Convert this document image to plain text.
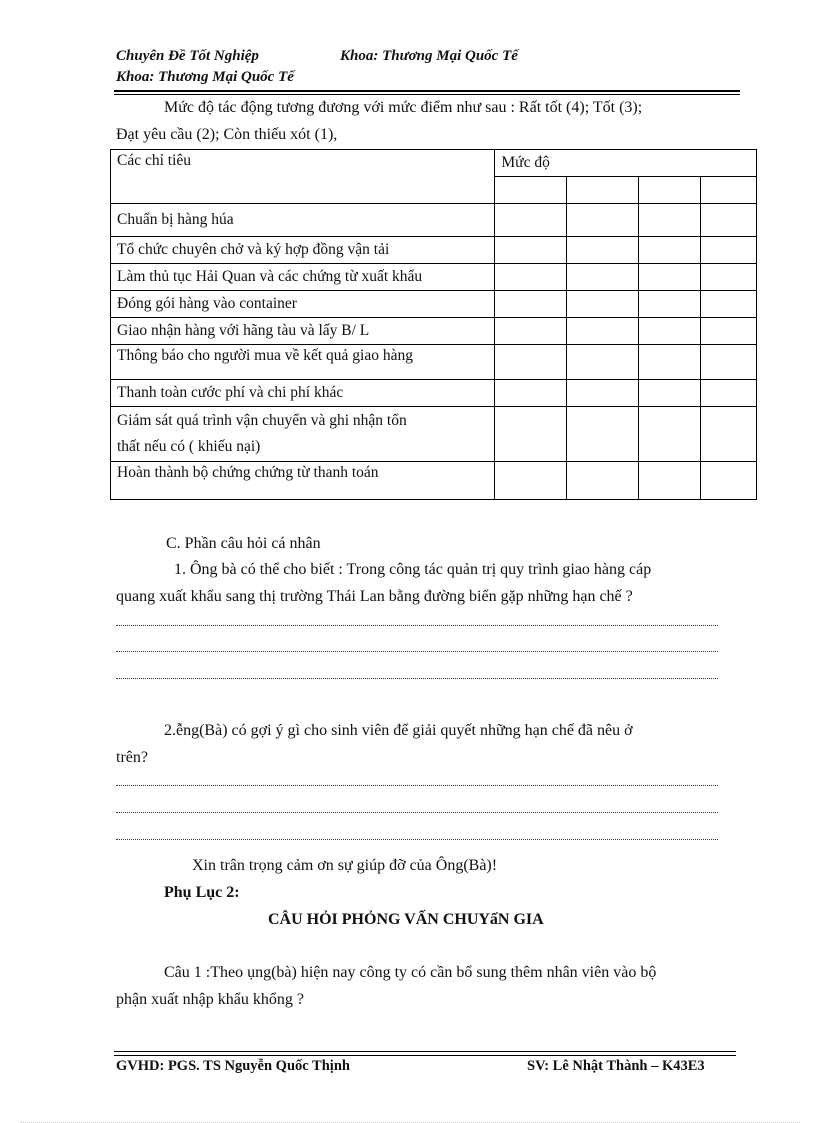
Chuyên Đề Tốt Nghiệp	Khoa: Thương Mại Quốc Tế
Khoa: Thương Mại Quốc Tế
Mức độ tác động tương đương với mức điểm như sau : Rất tốt (4); Tốt (3);
Đạt yêu cầu (2); Còn thiếu xót (1),
Các chỉ tiêu	Mức độ			

Chuẩn bị hàng húa				
Tổ chức chuyên chở và ký hợp đồng vận tải				
Làm thủ tục Hải Quan và các chứng từ xuất khẩu				
Đóng gói hàng vào container				
Giao nhận hàng với hãng tàu và lấy B/ L				
Thông báo cho người mua về kết quả giao hàng				
Thanh toàn cước phí và chi phí khác				

Giám sát quá trình vận chuyển và ghi nhận tổn
thất nếu có ( khiếu nại)				

Hoàn thành bộ chứng chứng từ thanh toán				
C. Phần câu hỏi cá nhân
1. Ông bà có thể cho biết : Trong công tác quản trị quy trình giao hàng cáp
quang xuất khẩu sang thị trường Thái Lan bằng đường biển gặp những hạn chế ?
2.ễng(Bà) có gợi ý gì cho sinh viên để giải quyết những hạn chế đã nêu ở
trên?
Xin trân trọng cảm ơn sự giúp đỡ của Ông(Bà)!
Phụ Lục 2:
CÂU HỎI PHỎNG VẤN CHUYấN GIA
Câu 1 :Theo ụng(bà) hiện nay công ty có cần bổ sung thêm nhân viên vào bộ
phận xuất nhập khẩu khổng ?
GVHD: PGS. TS Nguyễn Quốc Thịnh	SV: Lê Nhật Thành – K43E3
